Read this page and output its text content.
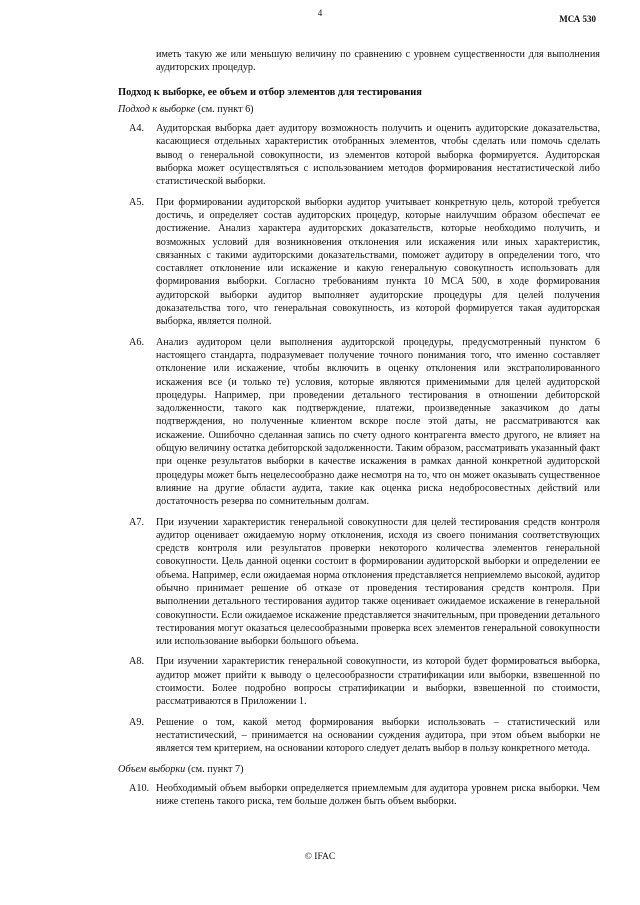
4
МСА 530

иметь такую же или меньшую величину по сравнению с уровнем существенности для выполнения аудиторских процедур.

Подход к выборке, ее объем и отбор элементов для тестирования

Подход к выборке (см. пункт 6)

А4.	Аудиторская выборка дает аудитору возможность получить и оценить аудиторские доказательства, касающиеся отдельных характеристик отобранных элементов, чтобы сделать или помочь сделать вывод о генеральной совокупности, из элементов которой выборка формируется. Аудиторская выборка может осуществляться с использованием методов формирования нестатистической либо статистической выборки.
А5.	При формировании аудиторской выборки аудитор учитывает конкретную цель, которой требуется достичь, и определяет состав аудиторских процедур, которые наилучшим образом обеспечат ее достижение. Анализ характера аудиторских доказательств, которые необходимо получить, и возможных условий для возникновения отклонения или искажения или иных характеристик, связанных с такими аудиторскими доказательствами, поможет аудитору в определении того, что составляет отклонение или искажение и какую генеральную совокупность использовать для формирования выборки. Согласно требованиям пункта 10 МСА 500, в ходе формирования аудиторской выборки аудитор выполняет аудиторские процедуры для целей получения доказательства того, что генеральная совокупность, из которой формируется такая аудиторская выборка, является полной.
А6.	Анализ аудитором цели выполнения аудиторской процедуры, предусмотренный пунктом 6 настоящего стандарта, подразумевает получение точного понимания того, что именно составляет отклонение или искажение, чтобы включить в оценку отклонения или экстраполированного искажения все (и только те) условия, которые являются применимыми для целей аудиторской процедуры. Например, при проведении детального тестирования в отношении дебиторской задолженности, такого как подтверждение, платежи, произведенные заказчиком до даты подтверждения, но полученные клиентом вскоре после этой даты, не рассматриваются как искажение. Ошибочно сделанная запись по счету одного контрагента вместо другого, не влияет на общую величину остатка дебиторской задолженности. Таким образом, рассматривать указанный факт при оценке результатов выборки в качестве искажения в рамках данной конкретной аудиторской процедуры может быть нецелесообразно даже несмотря на то, что он может оказывать существенное влияние на другие области аудита, такие как оценка риска недобросовестных действий или достаточность резерва по сомнительным долгам.
А7.	При изучении характеристик генеральной совокупности для целей тестирования средств контроля аудитор оценивает ожидаемую норму отклонения, исходя из своего понимания соответствующих средств контроля или результатов проверки некоторого количества элементов генеральной совокупности. Цель данной оценки состоит в формировании аудиторской выборки и определении ее объема. Например, если ожидаемая норма отклонения представляется неприемлемо высокой, аудитор обычно принимает решение об отказе от проведения тестирования средств контроля. При выполнении детального тестирования аудитор также оценивает ожидаемое искажение в генеральной совокупности. Если ожидаемое искажение представляется значительным, при проведении детального тестирования могут оказаться целесообразными проверка всех элементов генеральной совокупности или использование выборки большого объема.
А8.	При изучении характеристик генеральной совокупности, из которой будет формироваться выборка, аудитор может прийти к выводу о целесообразности стратификации или выборки, взвешенной по стоимости. Более подробно вопросы стратификации и выборки, взвешенной по стоимости, рассматриваются в Приложении 1.
А9.	Решение о том, какой метод формирования выборки использовать – статистический или нестатистический, – принимается на основании суждения аудитора, при этом объем выборки не является тем критерием, на основании которого следует делать выбор в пользу конкретного метода.

Объем выборки (см. пункт 7)

А10. Необходимый объем выборки определяется приемлемым для аудитора уровнем риска выборки. Чем ниже степень такого риска, тем больше должен быть объем выборки.
© IFAC
